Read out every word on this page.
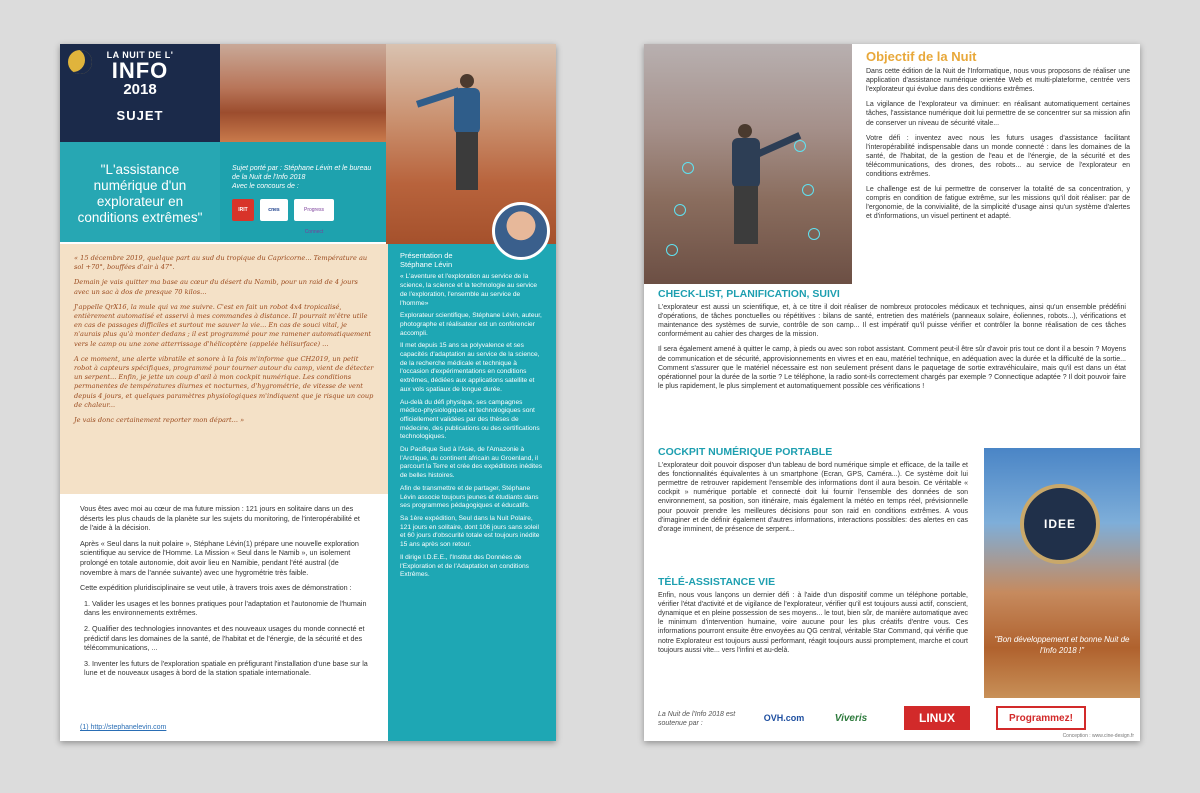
LA NUIT DE L'
INFO
2018
SUJET
"L'assistance numérique d'un explorateur en conditions extrêmes"
Sujet porté par : Stéphane Lévin et le bureau de la Nuit de l'Info 2018
Avec le concours de :
IRIT	cnes	Progress Connect

« 15 décembre 2019, quelque part au sud du tropique du Capricorne... Température au sol +70°, bouffées d'air à 47°.

Demain je vais quitter ma base au cœur du désert du Namib, pour un raid de 4 jours avec un sac à dos de presque 70 kilos...

J'appelle QrX16, la mule qui va me suivre. C'est en fait un robot 4x4 tropicalisé, entièrement automatisé et asservi à mes commandes à distance. Il pourrait m'être utile en cas de passages difficiles et surtout me sauver la vie... En cas de souci vital, je n'aurais plus qu'à monter dedans ; il est programmé pour me ramener automatiquement vers le camp ou une zone atterrissage d'hélicoptère (appelée hélisurface) ...

A ce moment, une alerte vibratile et sonore à la fois m'informe que CH2019, un petit robot à capteurs spécifiques, programmé pour tourner autour du camp, vient de détecter un serpent... Enfin, je jette un coup d'œil à mon cockpit numérique. Les conditions permanentes de températures diurnes et nocturnes, d'hygrométrie, de vitesse de vent depuis 4 jours, et quelques paramètres physiologiques m'indiquent que je risque un coup de chaleur...

Je vais donc certainement reporter mon départ... »

Vous êtes avec moi au cœur de ma future mission : 121 jours en solitaire dans un des déserts les plus chauds de la planète sur les sujets du monitoring, de l'interopérabilité et de l'aide à la décision.

Après « Seul dans la nuit polaire », Stéphane Lévin(1) prépare une nouvelle exploration scientifique au service de l'Homme. La Mission « Seul dans le Namib », un isolement prolongé en totale autonomie, doit avoir lieu en Namibie, pendant l'été austral (de novembre à mars de l'année suivante) avec une hygrométrie très faible.

Cette expédition pluridisciplinaire se veut utile, à travers trois axes de démonstration :

1. Valider les usages et les bonnes pratiques pour l'adaptation et l'autonomie de l'humain dans les environnements extrêmes.
2. Qualifier des technologies innovantes et des nouveaux usages du monde connecté et prédictif dans les domaines de la santé, de l'habitat et de l'énergie, de la sécurité et des télécommunications, ...
3. Inventer les futurs de l'exploration spatiale en préfigurant l'installation d'une base sur la lune et de nouveaux usages à bord de la station spatiale internationale.
(1) http://stephanelevin.com
Présentation de Stéphane Lévin

« L'aventure et l'exploration au service de la science, la science et la technologie au service de l'exploration, l'ensemble au service de l'homme»

Explorateur scientifique, Stéphane Lévin, auteur, photographe et réalisateur est un conférencier accompli.

Il met depuis 15 ans sa polyvalence et ses capacités d'adaptation au service de la science, de la recherche médicale et technique à l'occasion d'expérimentations en conditions extrêmes, dédiées aux applications satellite et aux vols spatiaux de longue durée.

Au-delà du défi physique, ses campagnes médico-physiologiques et technologiques sont officiellement validées par des thèses de médecine, des publications ou des certifications technologiques.

Du Pacifique Sud à l'Asie, de l'Amazonie à l'Arctique, du continent africain au Groenland, il parcourt la Terre et crée des expéditions inédites de belles histoires.

Afin de transmettre et de partager, Stéphane Lévin associe toujours jeunes et étudiants dans ses programmes pédagogiques et éducatifs.

Sa 1ère expédition, Seul dans la Nuit Polaire, 121 jours en solitaire, dont 106 jours sans soleil et 60 jours d'obscurité totale est toujours inédite 15 ans après son retour.

Il dirige I.D.E.E., l'Institut des Données de l'Exploration et de l'Adaptation en conditions Extrêmes.

Objectif de la Nuit

Dans cette édition de la Nuit de l'Informatique, nous vous proposons de réaliser une application d'assistance numérique orientée Web et multi-plateforme, centrée vers l'explorateur qui évolue dans des conditions extrêmes.

La vigilance de l'explorateur va diminuer: en réalisant automatiquement certaines tâches, l'assistance numérique doit lui permettre de se concentrer sur sa mission afin de conserver un niveau de sécurité vitale...

Votre défi : inventez avec nous les futurs usages d'assistance facilitant l'interopérabilité indispensable dans un monde connecté : dans les domaines de la santé, de l'habitat, de la gestion de l'eau et de l'énergie, de la sécurité et des télécommunications, des drones, des robots... au service de l'explorateur en conditions extrêmes.

Le challenge est de lui permettre de conserver la totalité de sa concentration, y compris en condition de fatigue extrême, sur les missions qu'il doit réaliser: par de l'ergonomie, de la convivialité, de la simplicité d'usage ainsi qu'un système d'alertes et d'informations, un visuel pertinent et adapté.

CHECK-LIST, PLANIFICATION, SUIVI

L'explorateur est aussi un scientifique, et, à ce titre il doit réaliser de nombreux protocoles médicaux et techniques, ainsi qu'un ensemble prédéfini d'opérations, de tâches ponctuelles ou répétitives : bilans de santé, entretien des matériels (panneaux solaire, éoliennes, robots...), vérifications et maintenance des systèmes de survie, contrôle de son camp... Il est impératif qu'il puisse vérifier et contrôler la bonne réalisation de ces tâches conformément au cahier des charges de la mission.

Il sera également amené à quitter le camp, à pieds ou avec son robot assistant. Comment peut-il être sûr d'avoir pris tout ce dont il a besoin ? Moyens de communication et de sécurité, approvisionnements en vivres et en eau, matériel technique, en adéquation avec la durée et la difficulté de la sortie... Comment s'assurer que le matériel nécessaire est non seulement présent dans le paquetage de sortie extravéhiculaire, mais qu'il est dans un état opérationnel pour la durée de la sortie ? Le téléphone, la radio sont-ils correctement chargés par exemple ? Connectique adaptée ? Il doit pouvoir faire le plus rapidement, le plus simplement et automatiquement possible ces vérifications !

COCKPIT NUMÉRIQUE PORTABLE

L'explorateur doit pouvoir disposer d'un tableau de bord numérique simple et efficace, de la taille et des fonctionnalités équivalentes à un smartphone (Ecran, GPS, Caméra...). Ce système doit lui permettre de retrouver rapidement l'ensemble des informations dont il aura besoin. Ce véritable « cockpit » numérique portable et connecté doit lui fournir l'ensemble des données de son environnement, sa position, son itinéraire, mais également la météo en temps réel, prévisionnelle pour pouvoir prendre les meilleures décisions pour son raid en conditions extrêmes. A vous d'imaginer et de définir également d'autres informations, interactions possibles: des alertes en cas d'orage imminent, de présence de serpent...

TÉLÉ-ASSISTANCE VIE

Enfin, nous vous lançons un dernier défi : à l'aide d'un dispositif comme un téléphone portable, vérifier l'état d'activité et de vigilance de l'explorateur, vérifier qu'il est toujours aussi actif, conscient, dynamique et en pleine possession de ses moyens... le tout, bien sûr, de manière automatique avec le minimum d'intervention humaine, voire aucune pour les plus créatifs d'entre vous. Ces informations pourront ensuite être envoyées au QG central, véritable Star Command, qui vérifie que notre Explorateur est toujours aussi performant, réagit toujours aussi promptement, marche et court toujours aussi vite... vers l'infini et au-delà.

IDEE
"Bon développement et bonne Nuit de l'Info 2018 !"
La Nuit de l'Info 2018 est soutenue par :
OVH.com	Viveris	LINUX	Programmez!
Conception : www.cine-design.fr
